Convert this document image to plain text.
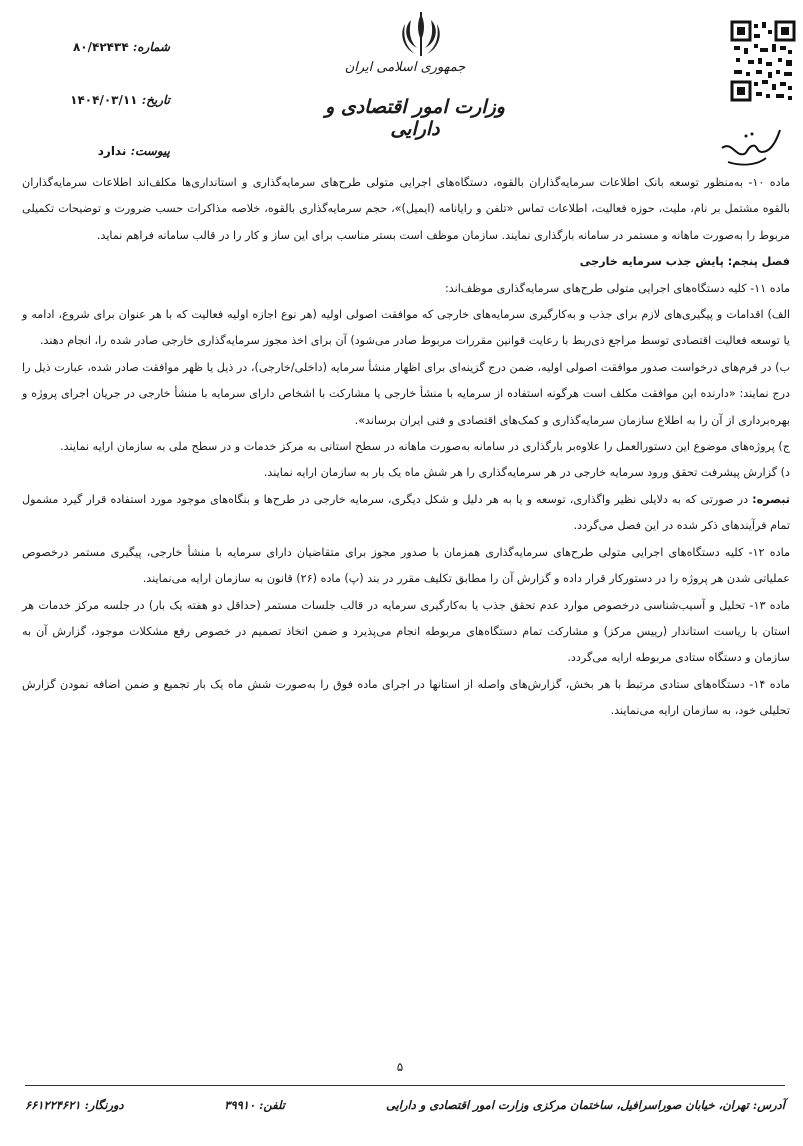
جمهوری اسلامی ایران
وزارت امور اقتصادی و دارایی
شماره: ۸۰/۴۲۴۳۴
تاریخ: ۱۴۰۴/۰۳/۱۱
پیوست: ندارد

ماده ۱۰- به‌منظور توسعه بانک اطلاعات سرمایه‌گذاران بالقوه، دستگاه‌های اجرایی متولی طرح‌های سرمایه‌گذاری و استانداری‌ها مکلف‌اند اطلاعات سرمایه‌گذاران بالقوه مشتمل بر نام، ملیت، حوزه فعالیت، اطلاعات تماس «تلفن و رایانامه (ایمیل)»، حجم سرمایه‌گذاری بالقوه، خلاصه مذاکرات حسب ضرورت و توضیحات تکمیلی مربوط را به‌صورت ماهانه و مستمر در سامانه بارگذاری نمایند. سازمان موظف است بستر مناسب برای این ساز و کار را در قالب سامانه فراهم نماید.

فصل پنجم: پایش جذب سرمایه خارجی

ماده ۱۱- کلیه دستگاه‌های اجرایی متولی طرح‌های سرمایه‌گذاری موظف‌اند:

الف) اقدامات و پیگیری‌های لازم برای جذب و به‌کارگیری سرمایه‌های خارجی که موافقت اصولی اولیه (هر نوع اجازه اولیه فعالیت که با هر عنوان برای شروع، ادامه و یا توسعه فعالیت اقتصادی توسط مراجع ذی‌ربط با رعایت قوانین مقررات مربوط صادر می‌شود) آن برای اخذ مجوز سرمایه‌گذاری خارجی صادر شده را، انجام دهند.

ب) در فرم‌های درخواست صدور موافقت اصولی اولیه، ضمن درج گزینه‌ای برای اظهار منشأ سرمایه (داخلی/خارجی)، در ذیل یا ظهر موافقت صادر شده، عبارت ذیل را درج نمایند: «دارنده این موافقت مکلف است هرگونه استفاده از سرمایه با منشأ خارجی یا مشارکت با اشخاص دارای سرمایه با منشأ خارجی در جریان اجرای پروژه و بهره‌برداری از آن را به اطلاع سازمان سرمایه‌گذاری و کمک‌های اقتصادی و فنی ایران برساند».

ج) پروژه‌های موضوع این دستورالعمل را علاوه‌بر بارگذاری در سامانه به‌صورت ماهانه در سطح استانی به مرکز خدمات و در سطح ملی به سازمان ارایه نمایند.

د) گزارش پیشرفت تحقق ورود سرمایه خارجی در هر سرمایه‌گذاری را هر شش ماه یک بار به سازمان ارایه نمایند.

تبصره: در صورتی که به دلایلی نظیر واگذاری، توسعه و یا به هر دلیل و شکل دیگری، سرمایه خارجی در طرح‌ها و بنگاه‌های موجود مورد استفاده قرار گیرد مشمول تمام فرآیندهای ذکر شده در این فصل می‌گردد.

ماده ۱۲- کلیه دستگاه‌های اجرایی متولی طرح‌های سرمایه‌گذاری همزمان با صدور مجوز برای متقاضیان دارای سرمایه با منشأ خارجی، پیگیری مستمر درخصوص عملیاتی شدن هر پروژه را در دستورکار قرار داده و گزارش آن را مطابق تکلیف مقرر در بند (پ) ماده (۲۶) قانون به سازمان ارایه می‌نمایند.

ماده ۱۳- تحلیل و آسیب‌شناسی درخصوص موارد عدم تحقق جذب یا به‌کارگیری سرمایه در قالب جلسات مستمر (حداقل دو هفته یک بار) در جلسه مرکز خدمات هر استان با ریاست استاندار (رییس مرکز) و مشارکت تمام دستگاه‌های مربوطه انجام می‌پذیرد و ضمن اتخاذ تصمیم در خصوص رفع مشکلات موجود، گزارش آن به سازمان و دستگاه ستادی مربوطه ارایه می‌گردد.

ماده ۱۴- دستگاه‌های ستادی مرتبط با هر بخش، گزارش‌های واصله از استانها در اجرای ماده فوق را به‌صورت شش ماه یک بار تجمیع و ضمن اضافه نمودن گزارش تحلیلی خود، به سازمان ارایه می‌نمایند.

۵
آدرس: تهران، خیابان صوراسرافیل، ساختمان مرکزی وزارت امور اقتصادی و دارایی
تلفن: ۳۹۹۱۰
دورنگار: ۶۶۱۲۲۴۶۲۱
